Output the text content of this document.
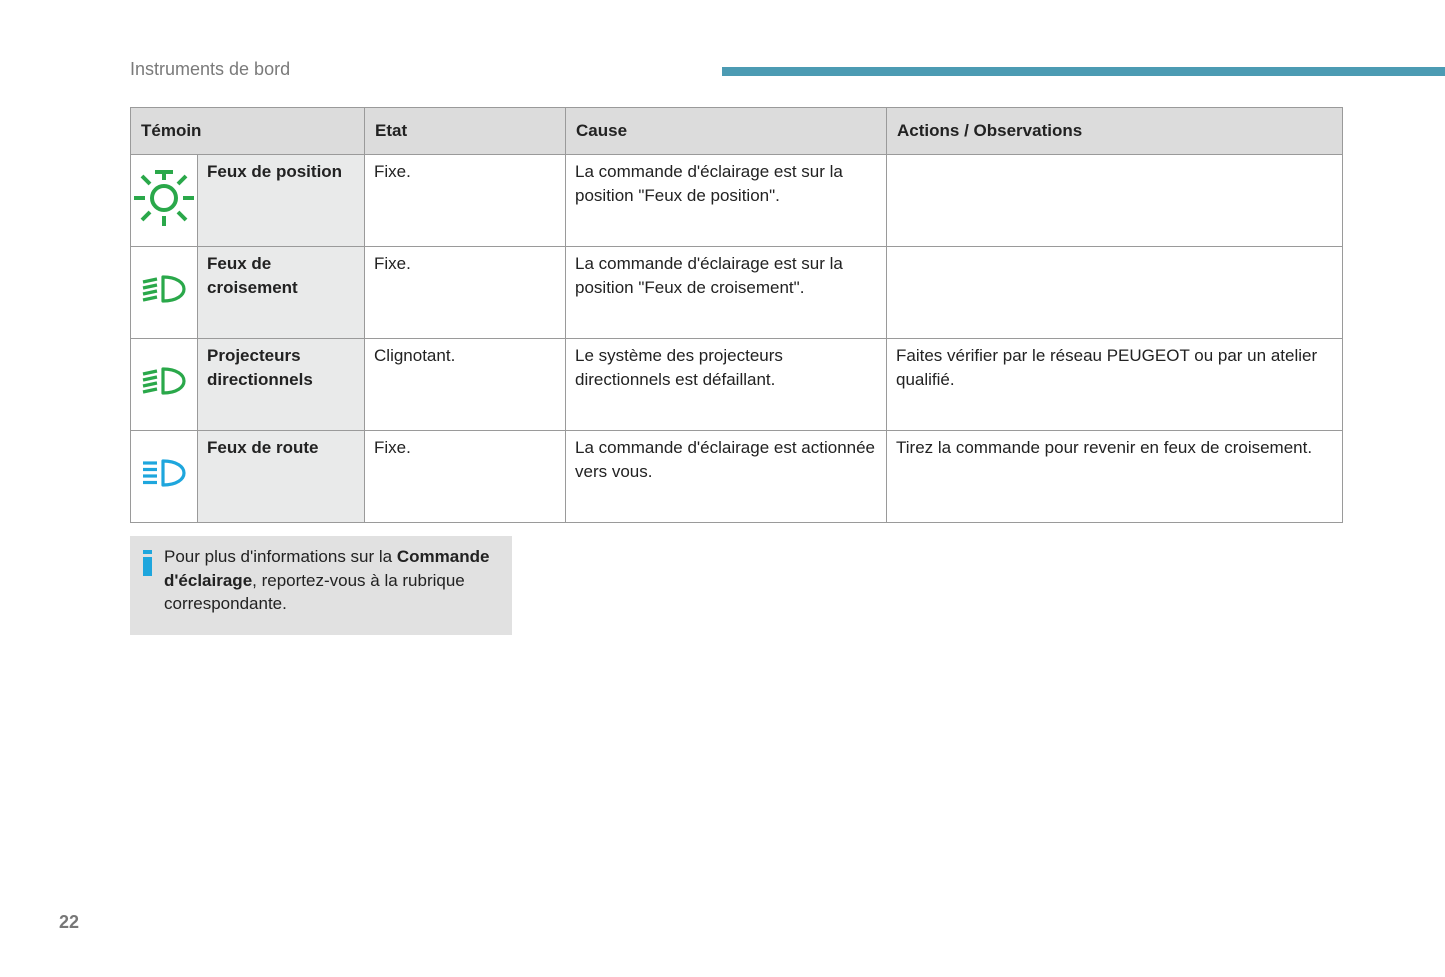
Instruments de bord
Témoin		Etat	Cause	Actions / Observations
	Feux de position	Fixe.	La commande d'éclairage est sur la position "Feux de position".	
	Feux de croisement	Fixe.	La commande d'éclairage est sur la position "Feux de croisement".	
	Projecteurs directionnels	Clignotant.	Le système des projecteurs directionnels est défaillant.	Faites vérifier par le réseau PEUGEOT ou par un atelier qualifié.
	Feux de route	Fixe.	La commande d'éclairage est actionnée vers vous.	Tirez la commande pour revenir en feux de croisement.
Pour plus d'informations sur la Commande d'éclairage, reportez-vous à la rubrique correspondante.
22
